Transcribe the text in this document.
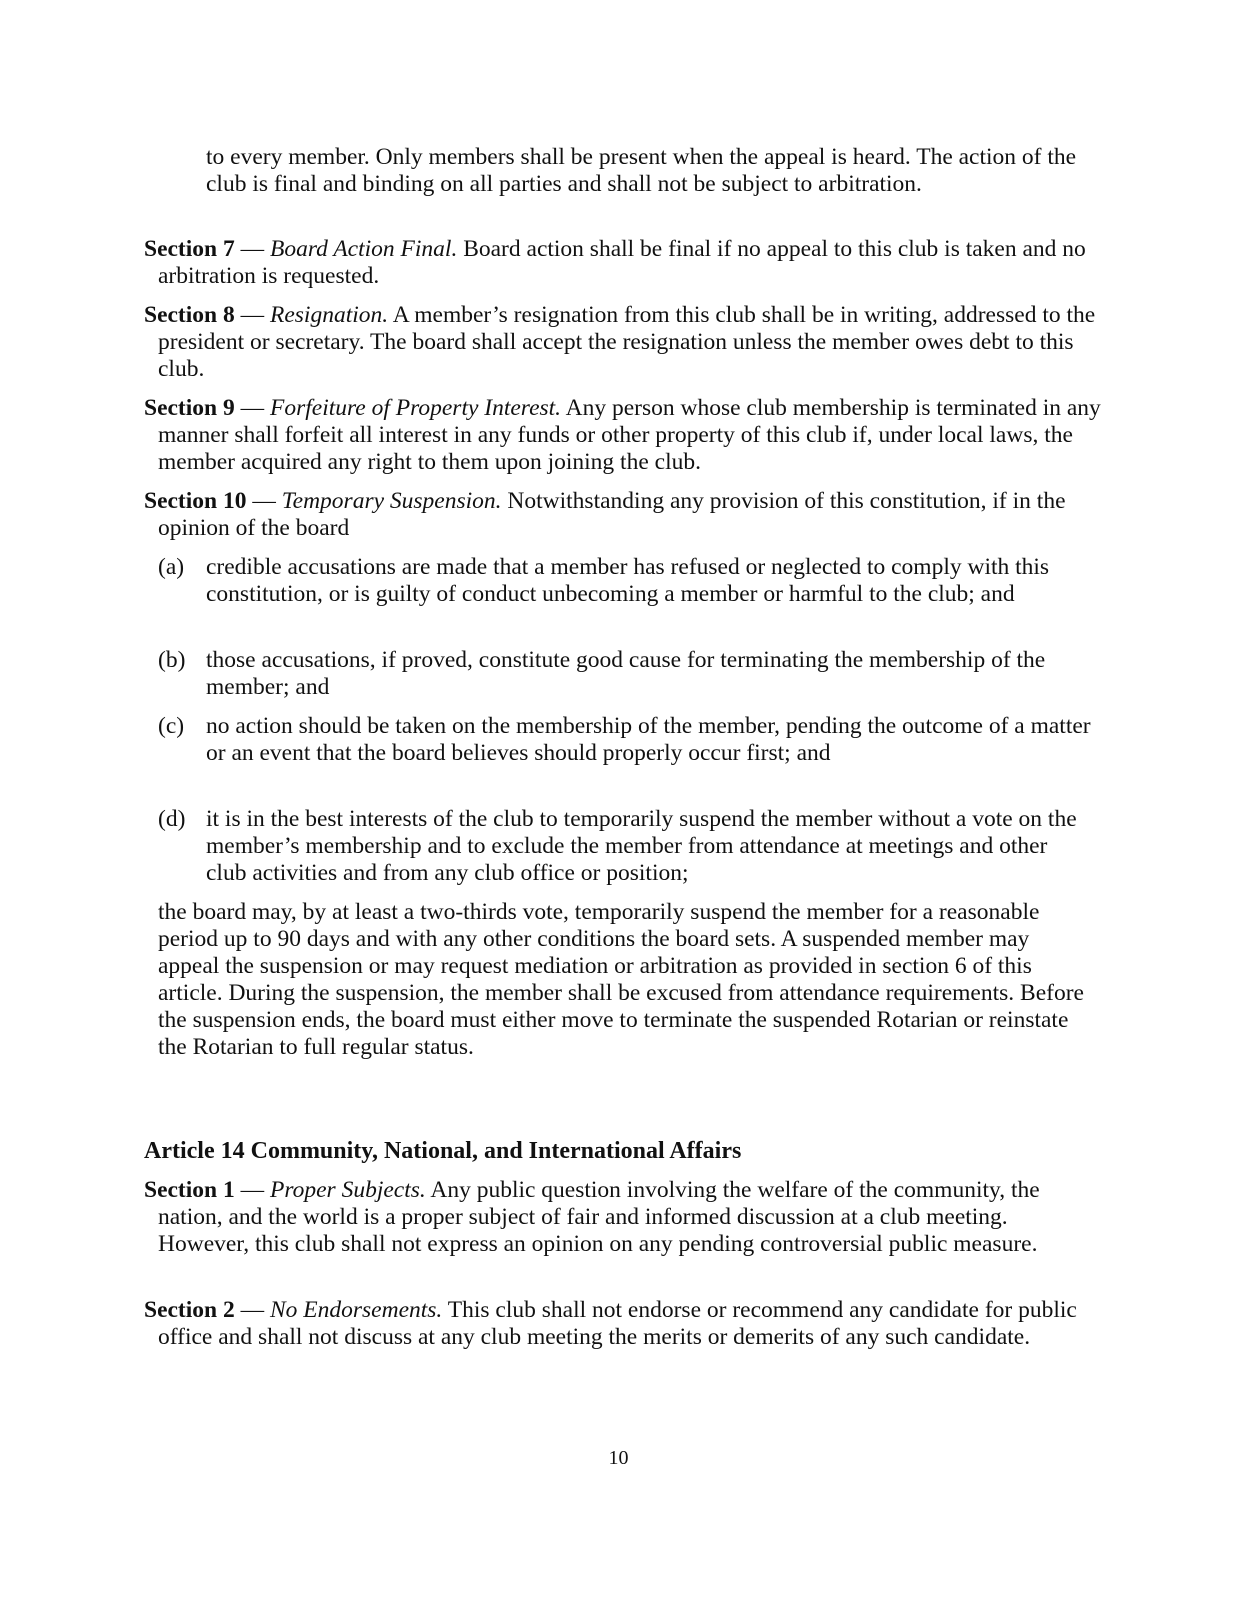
to every member. Only members shall be present when the appeal is heard. The action of the club is final and binding on all parties and shall not be subject to arbitration.
Section 7 — Board Action Final. Board action shall be final if no appeal to this club is taken and no arbitration is requested.
Section 8 — Resignation. A member’s resignation from this club shall be in writing, addressed to the president or secretary. The board shall accept the resignation unless the member owes debt to this club.
Section 9 — Forfeiture of Property Interest. Any person whose club membership is terminated in any manner shall forfeit all interest in any funds or other property of this club if, under local laws, the member acquired any right to them upon joining the club.
Section 10 — Temporary Suspension. Notwithstanding any provision of this constitution, if in the opinion of the board
(a) credible accusations are made that a member has refused or neglected to comply with this constitution, or is guilty of conduct unbecoming a member or harmful to the club; and
(b) those accusations, if proved, constitute good cause for terminating the membership of the member; and
(c) no action should be taken on the membership of the member, pending the outcome of a matter or an event that the board believes should properly occur first; and
(d) it is in the best interests of the club to temporarily suspend the member without a vote on the member’s membership and to exclude the member from attendance at meetings and other club activities and from any club office or position;
the board may, by at least a two-thirds vote, temporarily suspend the member for a reasonable period up to 90 days and with any other conditions the board sets. A suspended member may appeal the suspension or may request mediation or arbitration as provided in section 6 of this article. During the suspension, the member shall be excused from attendance requirements. Before the suspension ends, the board must either move to terminate the suspended Rotarian or reinstate the Rotarian to full regular status.
Article 14 Community, National, and International Affairs
Section 1 — Proper Subjects. Any public question involving the welfare of the community, the nation, and the world is a proper subject of fair and informed discussion at a club meeting. However, this club shall not express an opinion on any pending controversial public measure.
Section 2 — No Endorsements. This club shall not endorse or recommend any candidate for public office and shall not discuss at any club meeting the merits or demerits of any such candidate.
10
